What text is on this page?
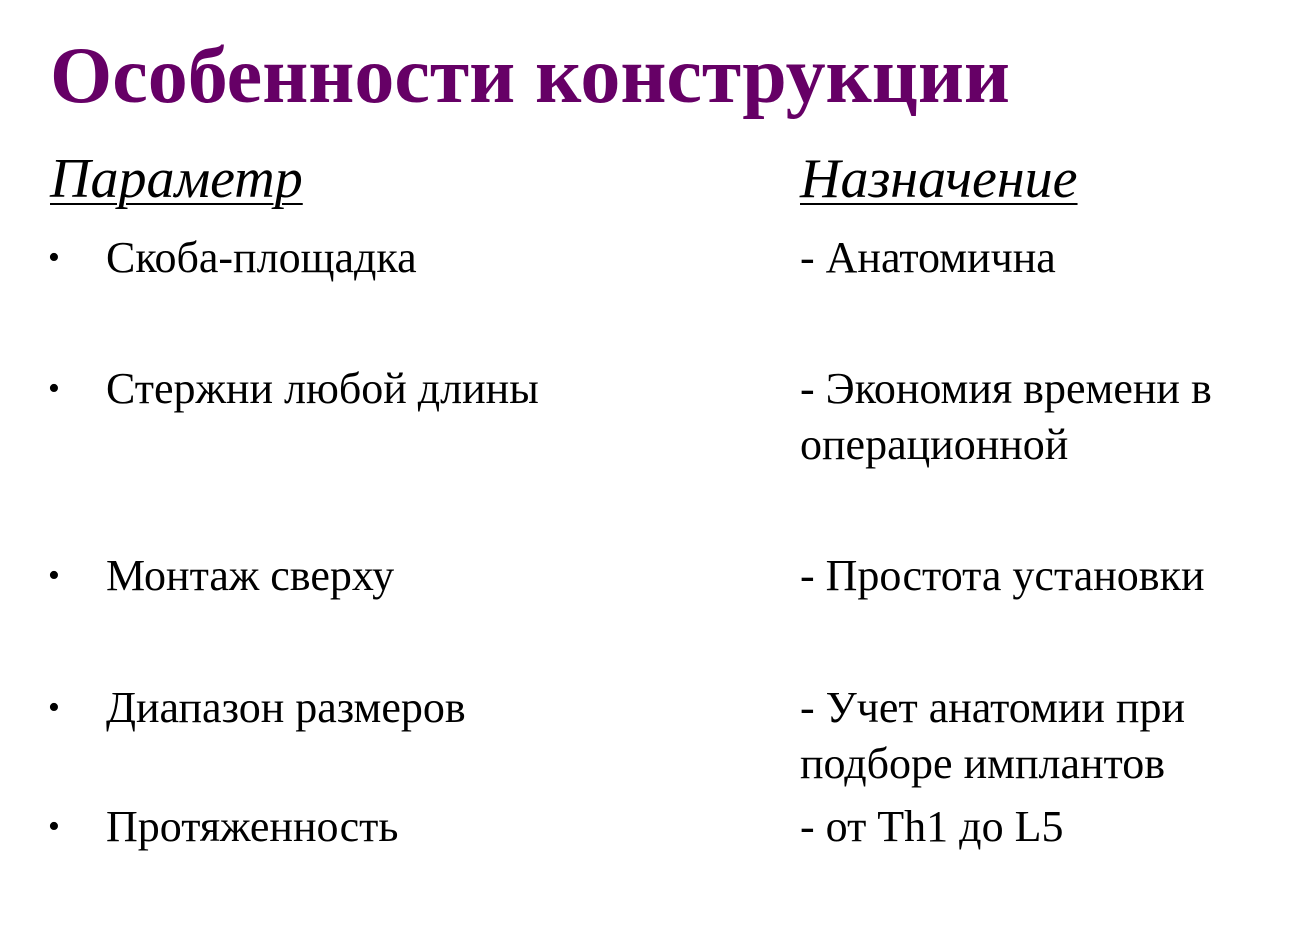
Особенности конструкции
Параметр	Назначение
•	Скоба-площадка	- Анатомична
•	Стержни любой длины	- Экономия времени в
операционной
•	Монтаж сверху	- Простота установки
•	Диапазон размеров	- Учет анатомии при
подборе имплантов
•	Протяженность	- от Th1 до L5
